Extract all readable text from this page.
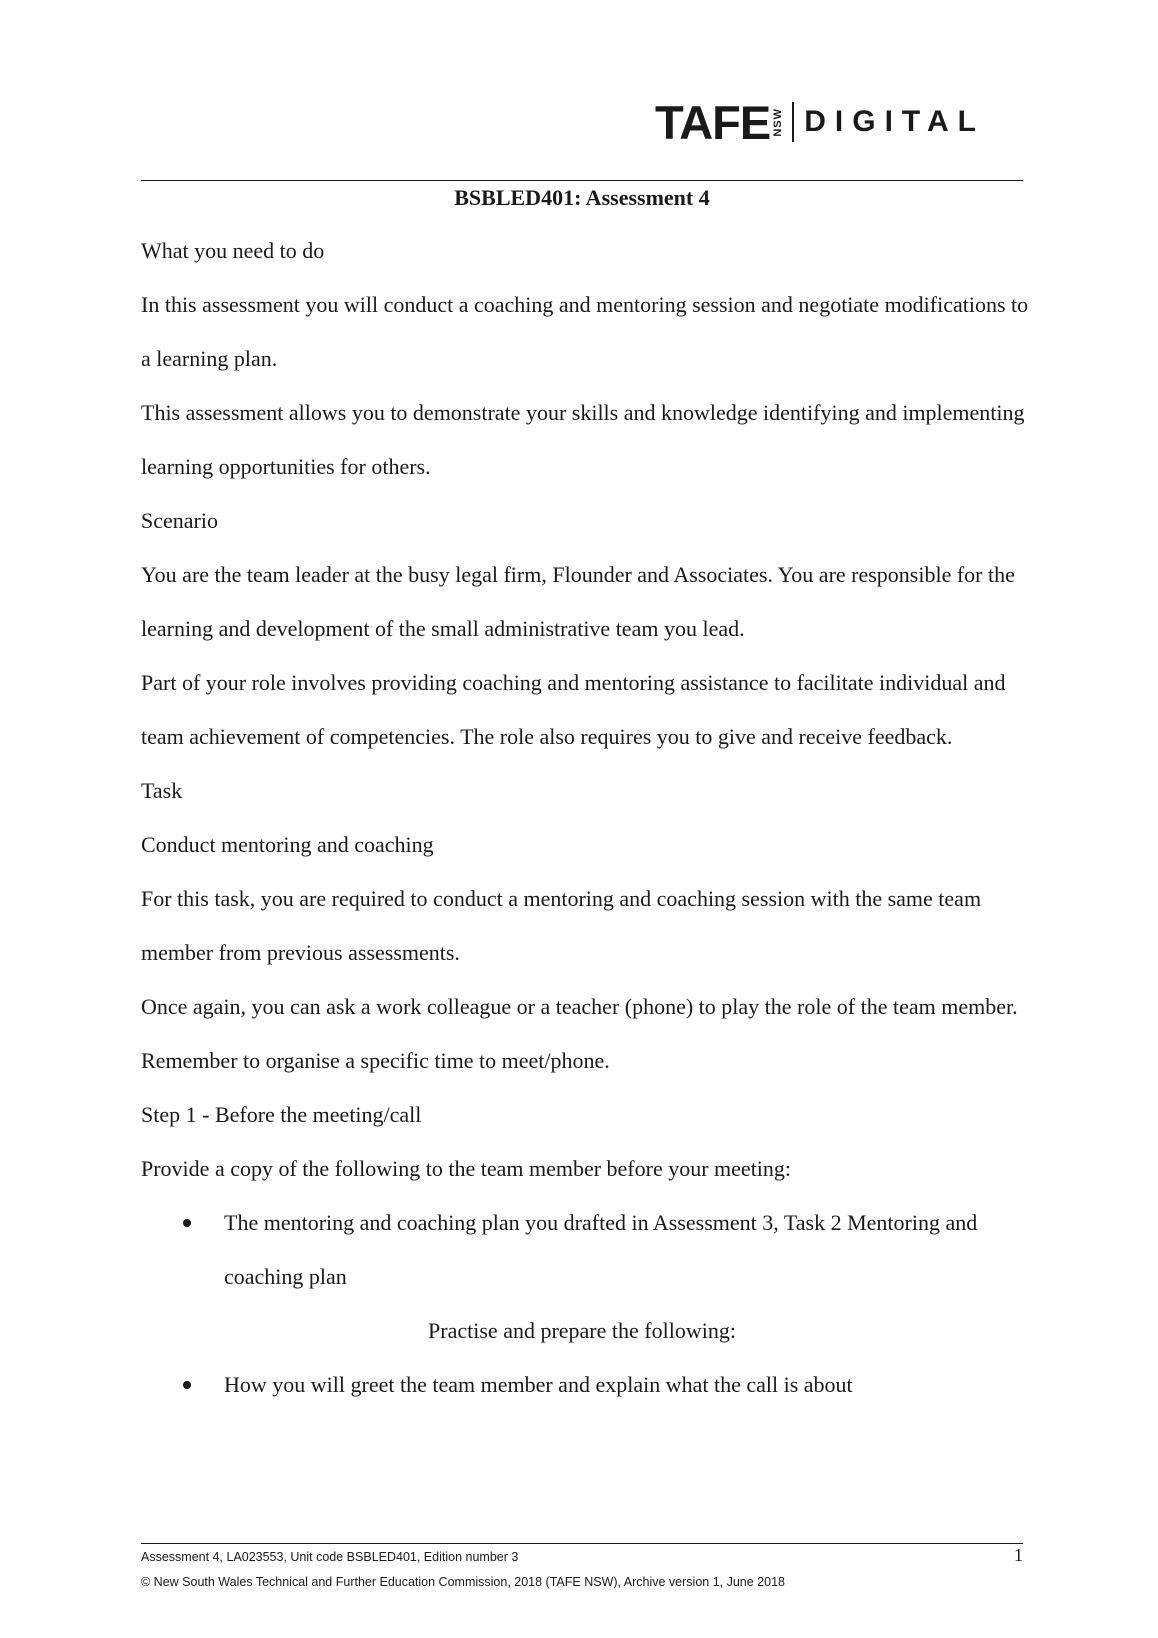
TAFE NSW DIGITAL
BSBLED401: Assessment 4

What you need to do

In this assessment you will conduct a coaching and mentoring session and negotiate modifications to a learning plan.

This assessment allows you to demonstrate your skills and knowledge identifying and implementing learning opportunities for others.

Scenario

You are the team leader at the busy legal firm, Flounder and Associates. You are responsible for the learning and development of the small administrative team you lead.

Part of your role involves providing coaching and mentoring assistance to facilitate individual and team achievement of competencies. The role also requires you to give and receive feedback.

Task

Conduct mentoring and coaching

For this task, you are required to conduct a mentoring and coaching session with the same team member from previous assessments.

Once again, you can ask a work colleague or a teacher (phone) to play the role of the team member. Remember to organise a specific time to meet/phone.

Step 1 - Before the meeting/call

Provide a copy of the following to the team member before your meeting:

The mentoring and coaching plan you drafted in Assessment 3, Task 2 Mentoring and coaching plan

Practise and prepare the following:

How you will greet the team member and explain what the call is about
Assessment 4, LA023553, Unit code BSBLED401, Edition number 3	1
© New South Wales Technical and Further Education Commission, 2018 (TAFE NSW), Archive version 1, June 2018
